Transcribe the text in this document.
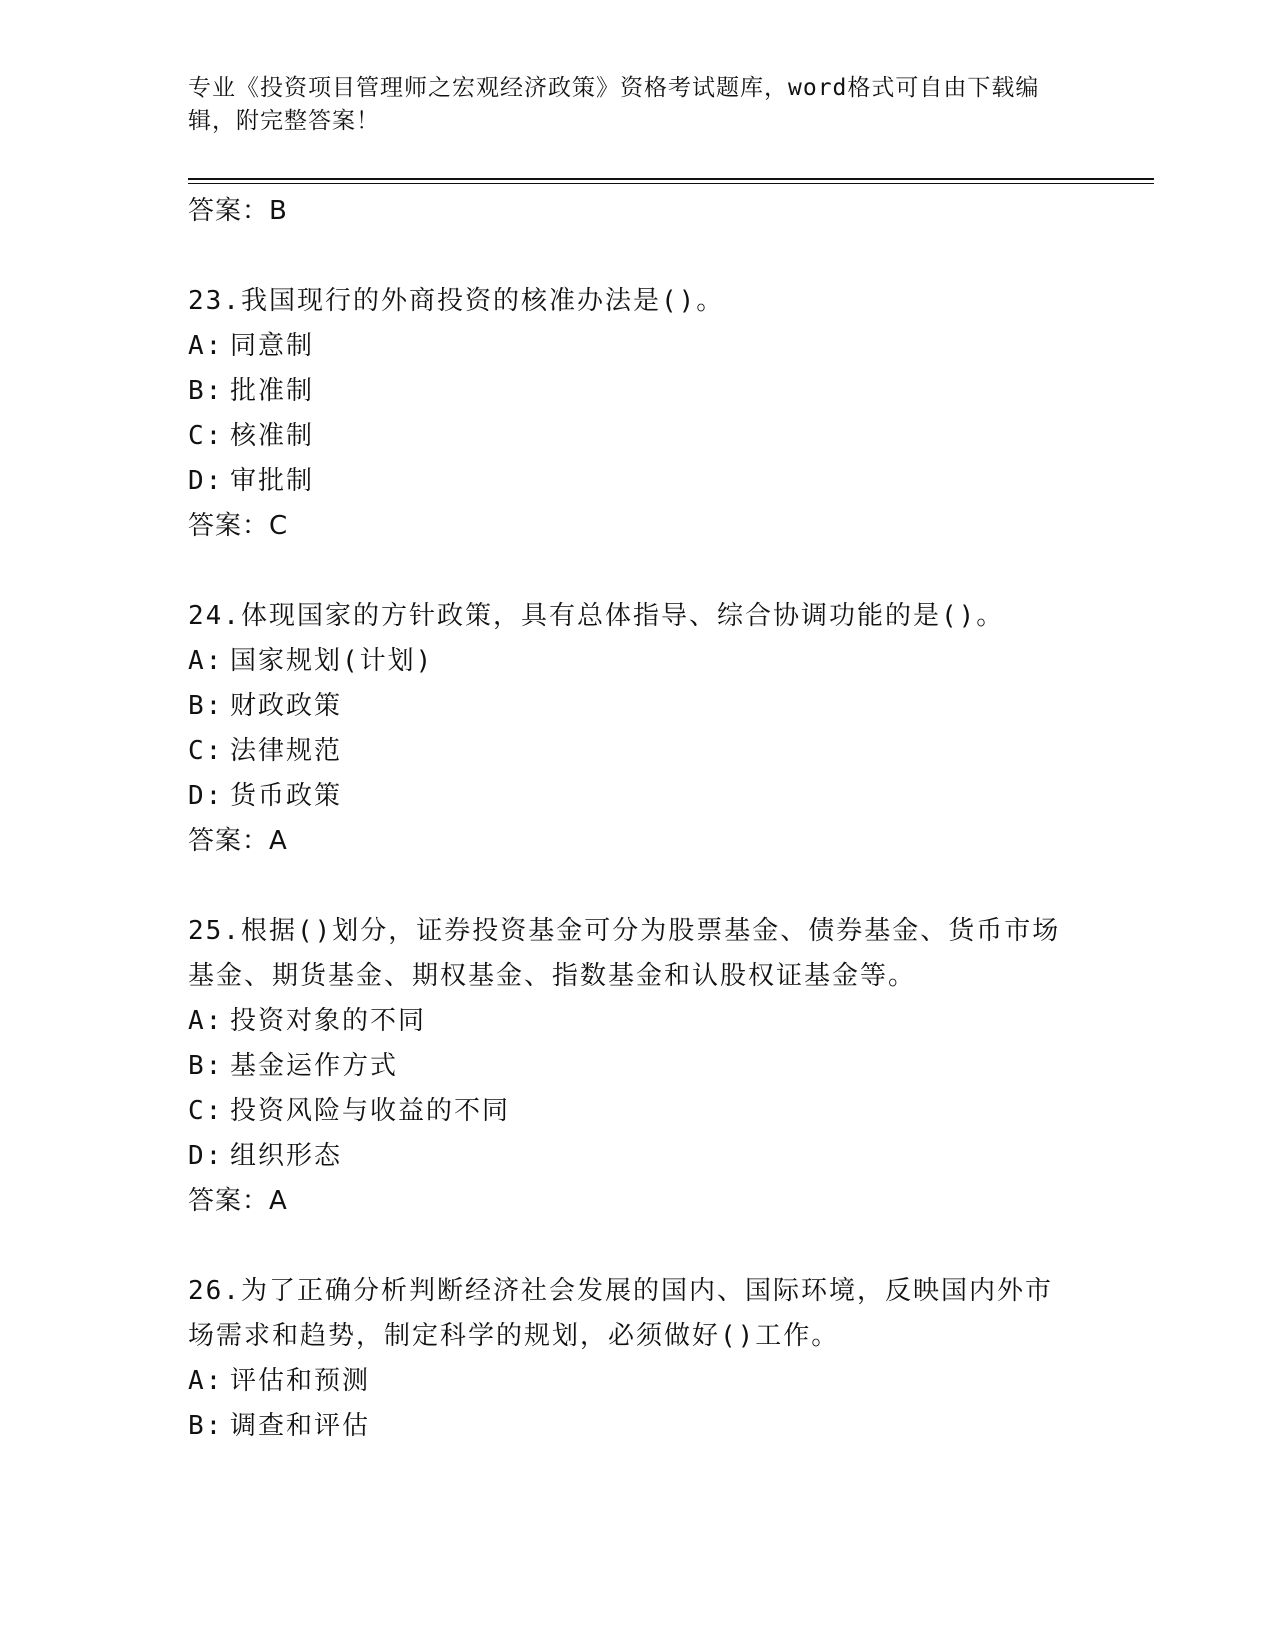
专业《投资项目管理师之宏观经济政策》资格考试题库，word格式可自由下载编辑，附完整答案！
答案：B
23.我国现行的外商投资的核准办法是()。
A: 同意制
B: 批准制
C: 核准制
D: 审批制
答案：C
24.体现国家的方针政策，具有总体指导、综合协调功能的是()。
A: 国家规划(计划)
B: 财政政策
C: 法律规范
D: 货币政策
答案：A
25.根据()划分，证券投资基金可分为股票基金、债券基金、货币市场基金、期货基金、期权基金、指数基金和认股权证基金等。
A: 投资对象的不同
B: 基金运作方式
C: 投资风险与收益的不同
D: 组织形态
答案：A
26.为了正确分析判断经济社会发展的国内、国际环境，反映国内外市场需求和趋势，制定科学的规划，必须做好()工作。
A: 评估和预测
B: 调查和评估
